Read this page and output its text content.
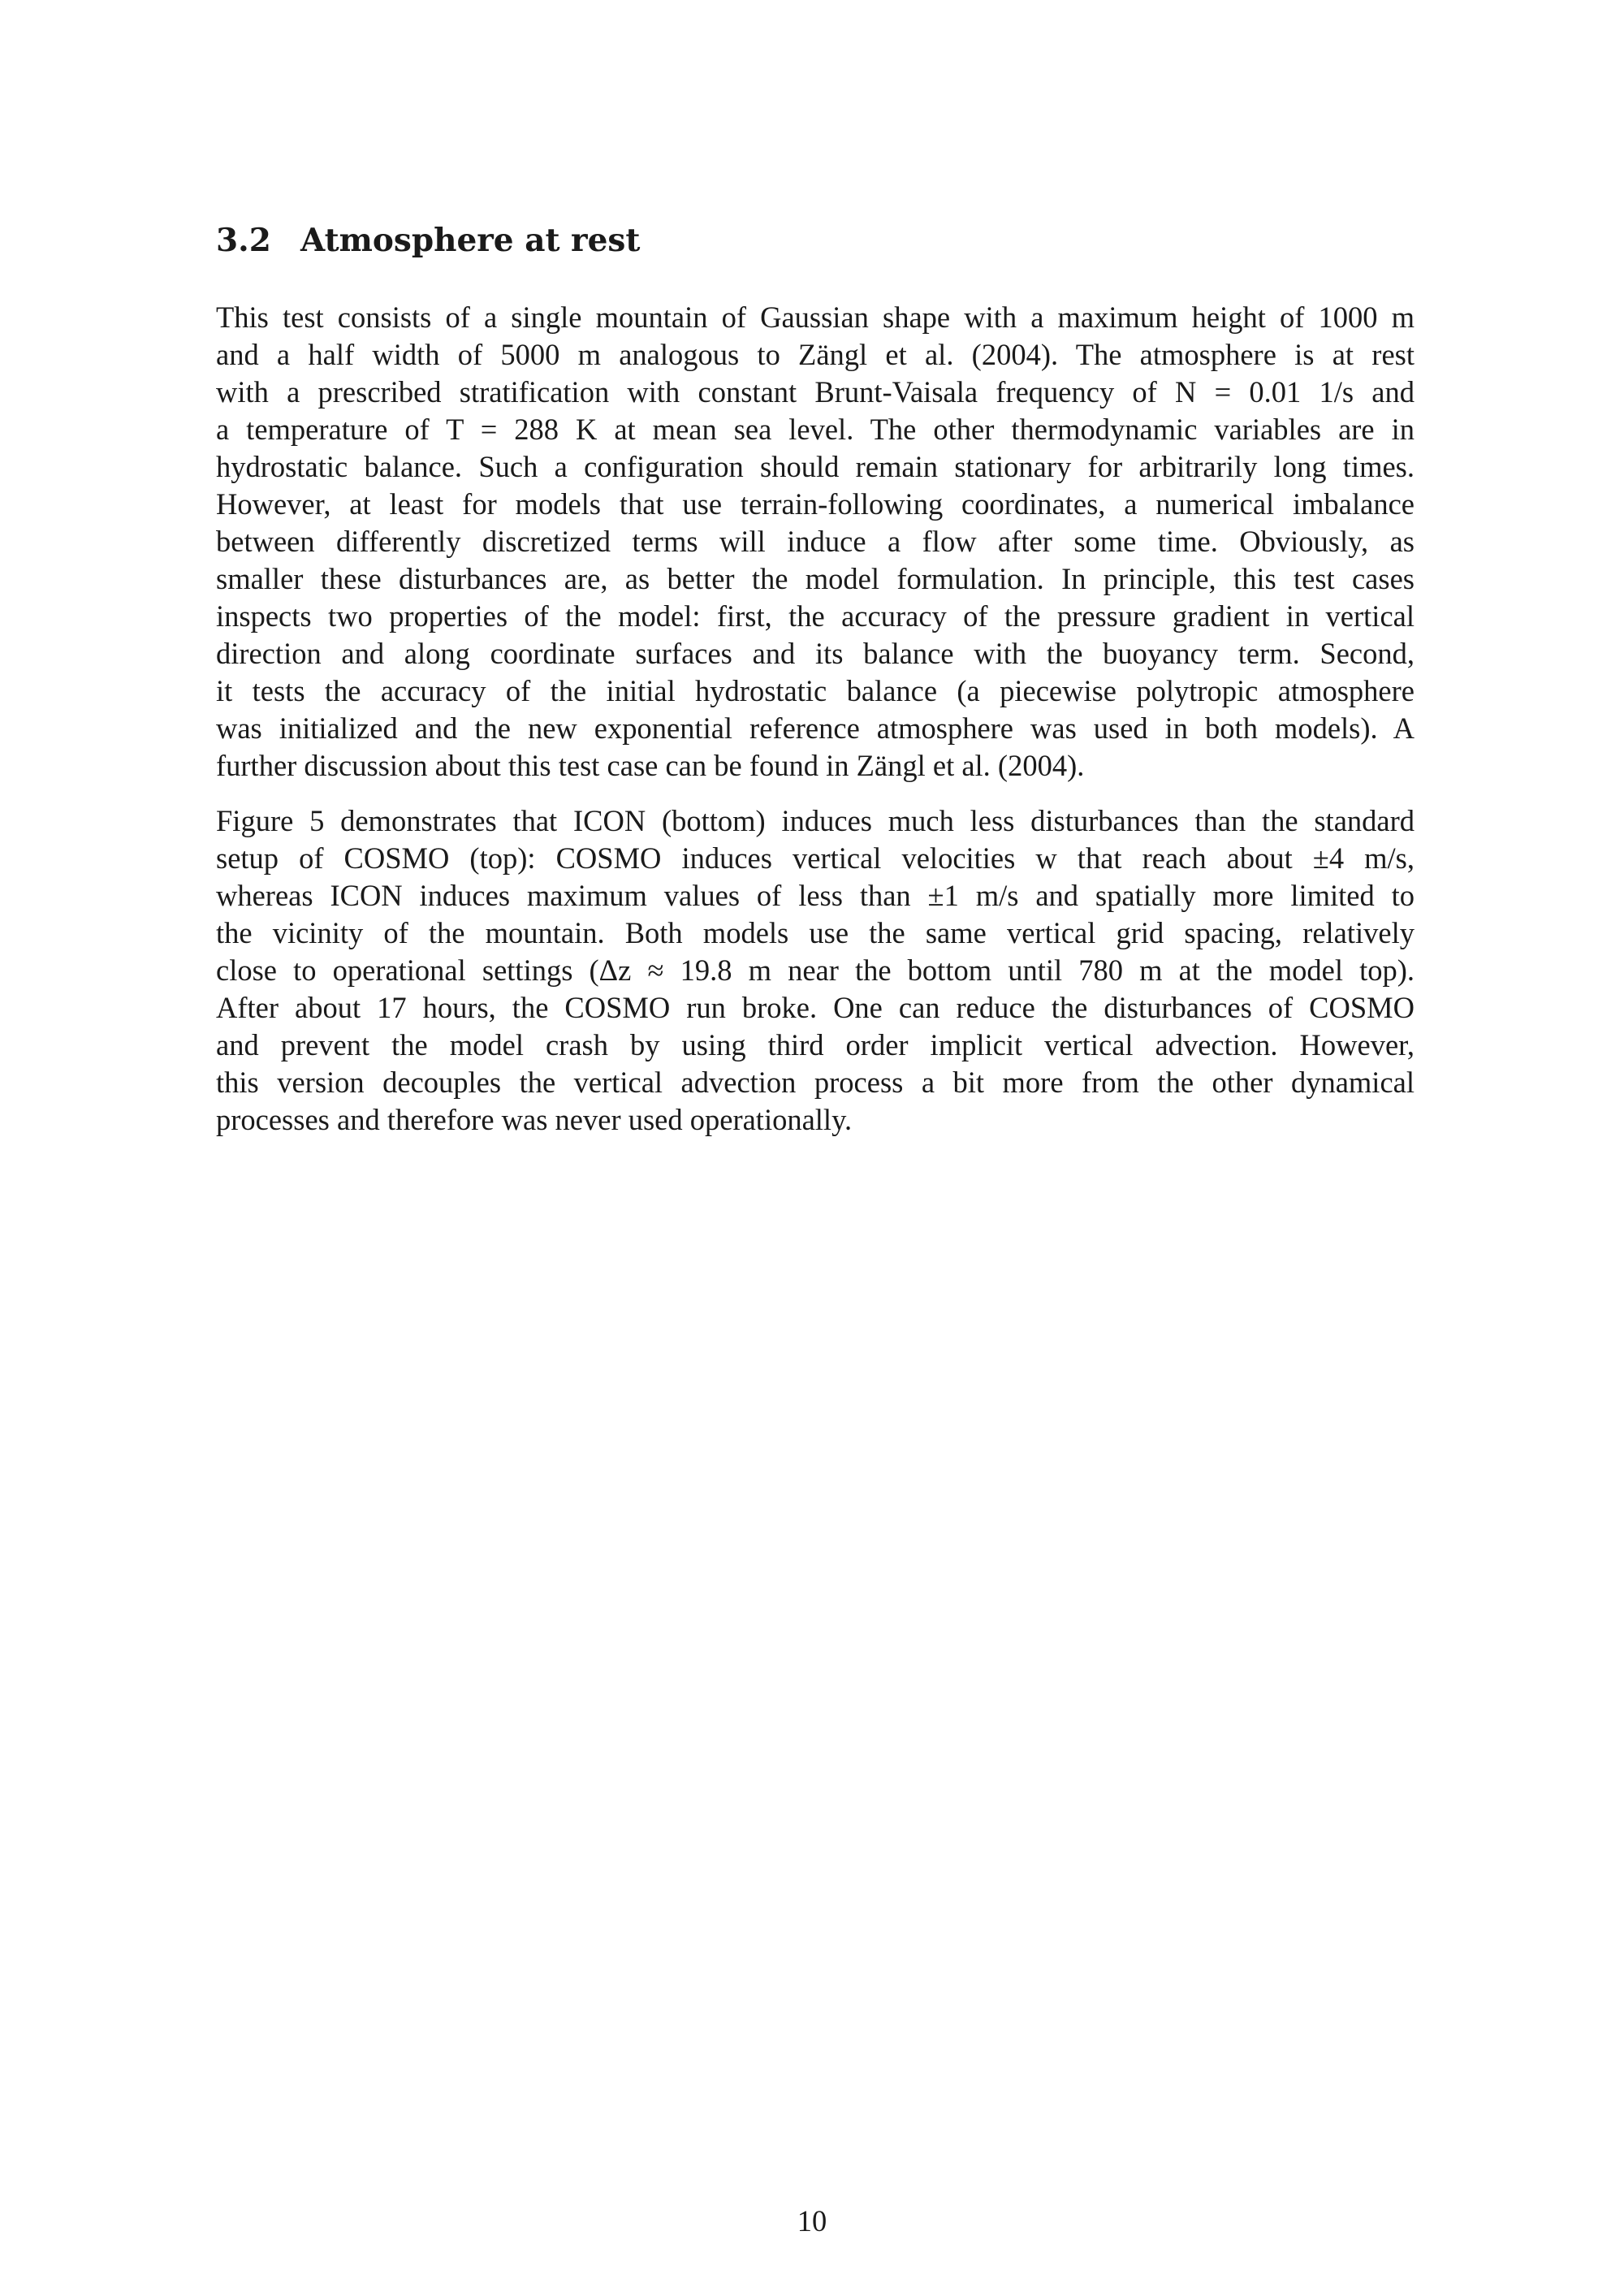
3.2 Atmosphere at rest
This test consists of a single mountain of Gaussian shape with a maximum height of 1000 m
and a half width of 5000 m analogous to Zängl et al. (2004). The atmosphere is at rest
with a prescribed stratification with constant Brunt-Vaisala frequency of N = 0.01 1/s and
a temperature of T = 288 K at mean sea level. The other thermodynamic variables are in
hydrostatic balance. Such a configuration should remain stationary for arbitrarily long times.
However, at least for models that use terrain-following coordinates, a numerical imbalance
between differently discretized terms will induce a flow after some time. Obviously, as
smaller these disturbances are, as better the model formulation. In principle, this test cases
inspects two properties of the model: first, the accuracy of the pressure gradient in vertical
direction and along coordinate surfaces and its balance with the buoyancy term. Second,
it tests the accuracy of the initial hydrostatic balance (a piecewise polytropic atmosphere
was initialized and the new exponential reference atmosphere was used in both models). A
further discussion about this test case can be found in Zängl et al. (2004).
Figure 5 demonstrates that ICON (bottom) induces much less disturbances than the standard
setup of COSMO (top): COSMO induces vertical velocities w that reach about ±4 m/s,
whereas ICON induces maximum values of less than ±1 m/s and spatially more limited to
the vicinity of the mountain. Both models use the same vertical grid spacing, relatively
close to operational settings (Δz ≈ 19.8 m near the bottom until 780 m at the model top).
After about 17 hours, the COSMO run broke. One can reduce the disturbances of COSMO
and prevent the model crash by using third order implicit vertical advection. However,
this version decouples the vertical advection process a bit more from the other dynamical
processes and therefore was never used operationally.

10
